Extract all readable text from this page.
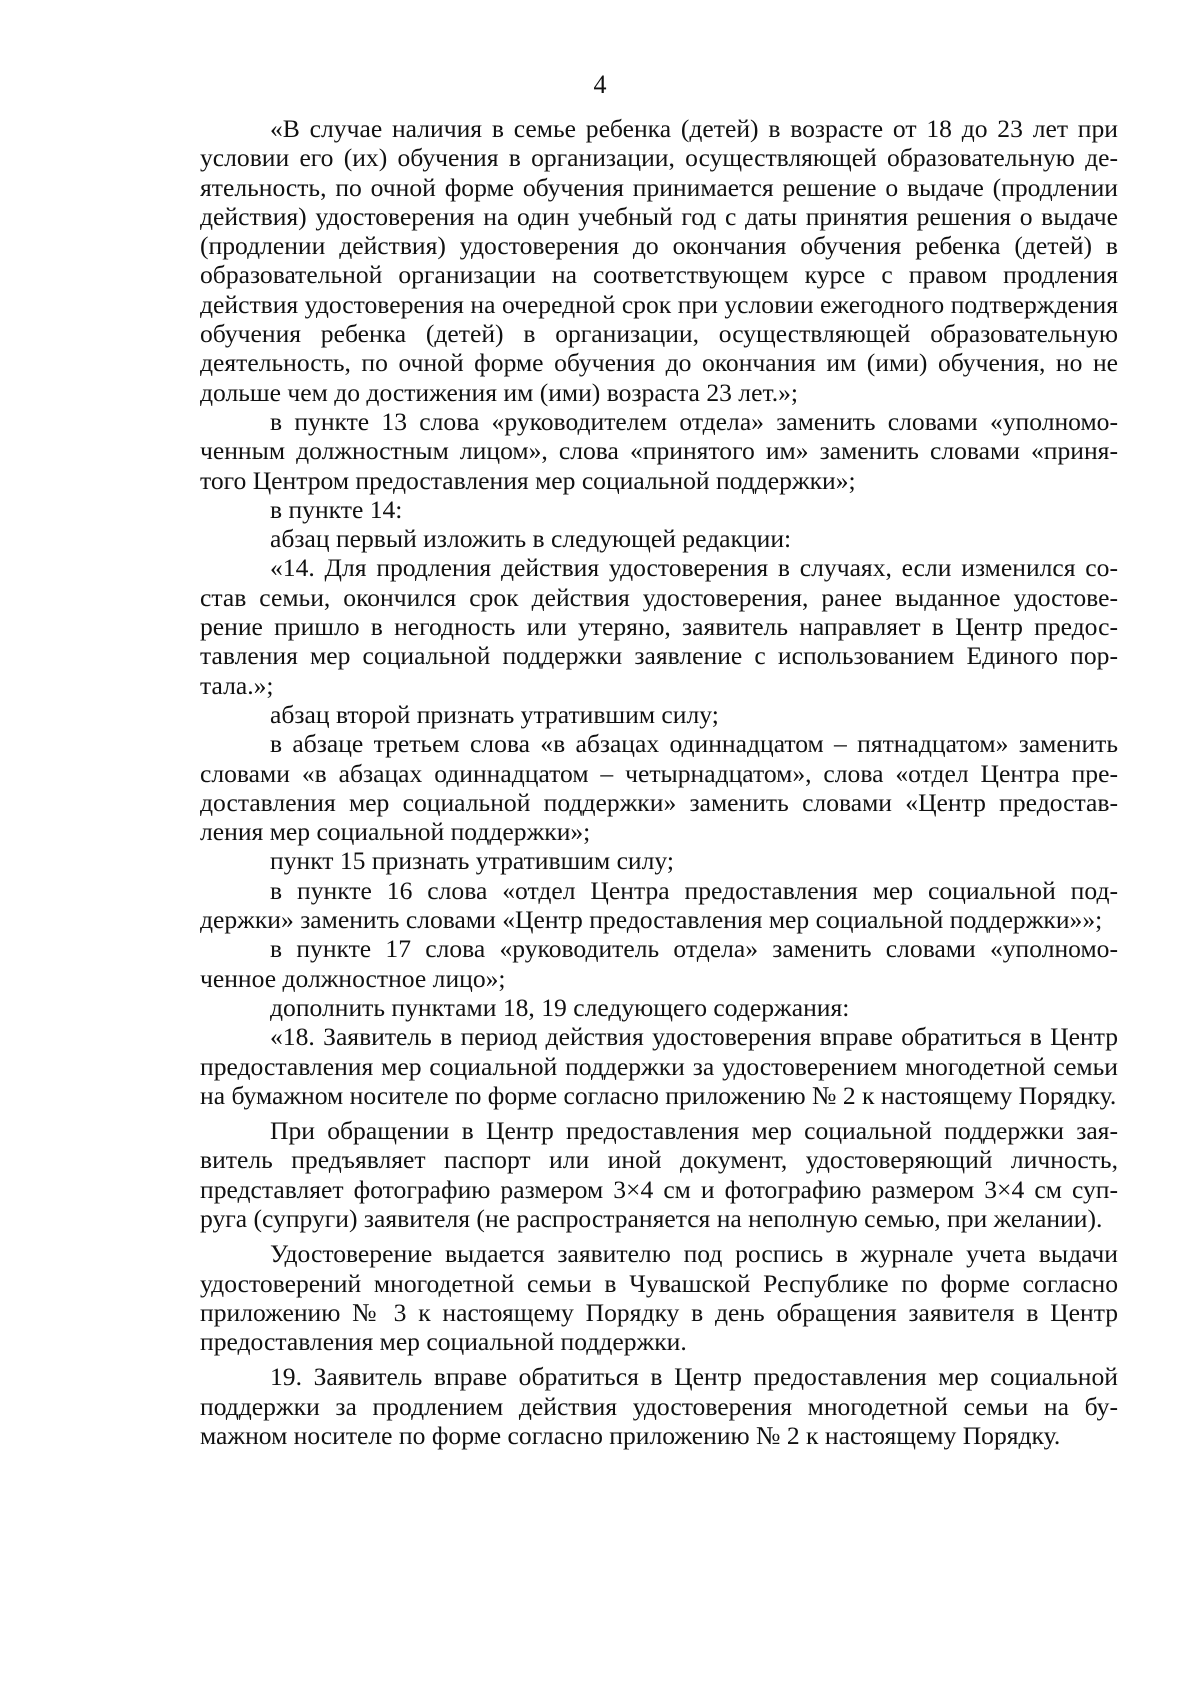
4

«В случае наличия в семье ребенка (детей) в возрасте от 18 до 23 лет при условии его (их) обучения в организации, осуществляющей образовательную деятельность, по очной форме обучения принимается решение о выдаче (продлении действия) удостоверения на один учебный год с даты принятия решения о выдаче (продлении действия) удостоверения до окончания обучения ребенка (детей) в образовательной организации на соответствующем курсе с правом продления действия удостоверения на очередной срок при условии ежегодного подтверждения обучения ребенка (детей) в организации, осуществляющей образовательную деятельность, по очной форме обучения до окончания им (ими) обучения, но не дольше чем до достижения им (ими) возраста 23 лет.»;

в пункте 13 слова «руководителем отдела» заменить словами «уполномоченным должностным лицом», слова «принятого им» заменить словами «принятого Центром предоставления мер социальной поддержки»;

в пункте 14:

абзац первый изложить в следующей редакции:

«14. Для продления действия удостоверения в случаях, если изменился состав семьи, окончился срок действия удостоверения, ранее выданное удостоверение пришло в негодность или утеряно, заявитель направляет в Центр предоставления мер социальной поддержки заявление с использованием Единого портала.»;

абзац второй признать утратившим силу;

в абзаце третьем слова «в абзацах одиннадцатом – пятнадцатом» заменить словами «в абзацах одиннадцатом – четырнадцатом», слова «отдел Центра предоставления мер социальной поддержки» заменить словами «Центр предоставления мер социальной поддержки»;

пункт 15 признать утратившим силу;

в пункте 16 слова «отдел Центра предоставления мер социальной поддержки» заменить словами «Центр предоставления мер социальной поддержки»»;

в пункте 17 слова «руководитель отдела» заменить словами «уполномоченное должностное лицо»;

дополнить пунктами 18, 19 следующего содержания:

«18. Заявитель в период действия удостоверения вправе обратиться в Центр предоставления мер социальной поддержки за удостоверением многодетной семьи на бумажном носителе по форме согласно приложению № 2 к настоящему Порядку.

При обращении в Центр предоставления мер социальной поддержки заявитель предъявляет паспорт или иной документ, удостоверяющий личность, представляет фотографию размером 3×4 см и фотографию размером 3×4 см супруга (супруги) заявителя (не распространяется на неполную семью, при желании).

Удостоверение выдается заявителю под роспись в журнале учета выдачи удостоверений многодетной семьи в Чувашской Республике по форме согласно приложению № 3 к настоящему Порядку в день обращения заявителя в Центр предоставления мер социальной поддержки.

19. Заявитель вправе обратиться в Центр предоставления мер социальной поддержки за продлением действия удостоверения многодетной семьи на бумажном носителе по форме согласно приложению № 2 к настоящему Порядку.
